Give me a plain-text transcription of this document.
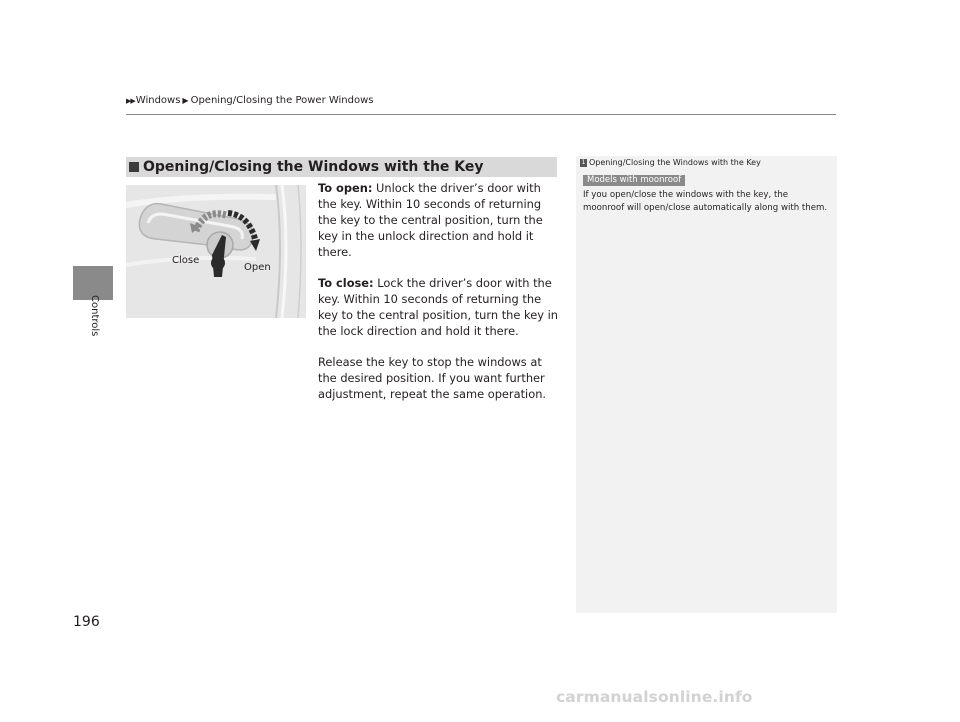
▶▶ Windows ▶ Opening/Closing the Power Windows
Controls
196
Opening/Closing the Windows with the Key
Close
Open

To open: Unlock the driver’s door with the key. Within 10 seconds of returning the key to the central position, turn the key in the unlock direction and hold it there.

To close: Lock the driver’s door with the key. Within 10 seconds of returning the key to the central position, turn the key in the lock direction and hold it there.

Release the key to stop the windows at the desired position. If you want further adjustment, repeat the same operation.

1 Opening/Closing the Windows with the Key
Models with moonroof
If you open/close the windows with the key, the moonroof will open/close automatically along with them.
carmanualsonline.info
